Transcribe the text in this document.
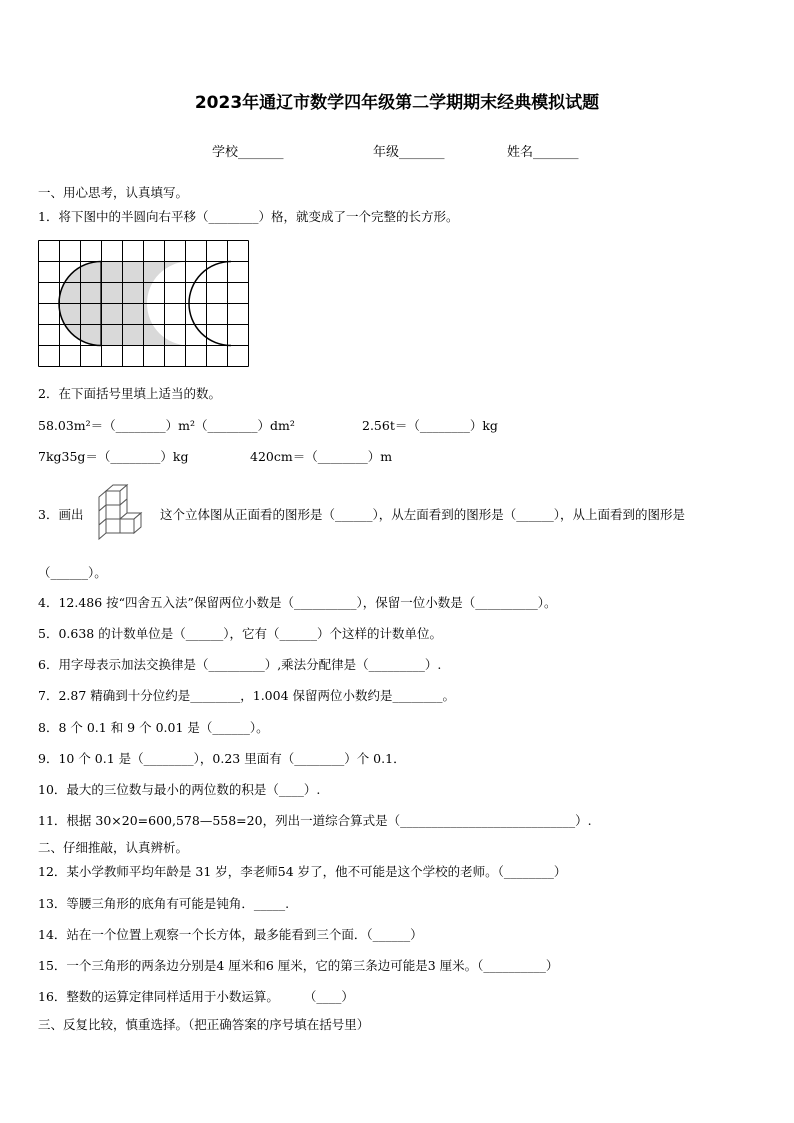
2023年通辽市数学四年级第二学期期末经典模拟试题
学校_______	年级_______	姓名_______
一、用心思考，认真填写。
1．将下图中的半圆向右平移（________）格，就变成了一个完整的长方形。
2．在下面括号里填上适当的数。
58.03m²＝（________）m²（________）dm²	2.56t＝（________）kg
7kg35g＝（________）kg	420cm＝（________）m
3．画出	这个立体图从正面看的图形是（______），从左面看到的图形是（______），从上面看到的图形是
（______）。
4．12.486 按“四舍五入法”保留两位小数是（__________），保留一位小数是（__________）。
5．0.638 的计数单位是（______），它有（______）个这样的计数单位。
6．用字母表示加法交换律是（_________）,乘法分配律是（_________）.
7．2.87 精确到十分位约是________，1.004 保留两位小数约是________。
8．8 个 0.1 和 9 个 0.01 是（______）。
9．10 个 0.1 是（________），0.23 里面有（________）个 0.1．
10．最大的三位数与最小的两位数的积是（____）.
11．根据 30×20=600,578—558=20，列出一道综合算式是（____________________________）.
二、仔细推敲，认真辨析。
12．某小学教师平均年龄是 31 岁，李老师54 岁了，他不可能是这个学校的老师。（________）
13．等腰三角形的底角有可能是钝角．_____.
14．站在一个位置上观察一个长方体，最多能看到三个面．（______）
15．一个三角形的两条边分别是4 厘米和6 厘米，它的第三条边可能是3 厘米。（__________）
16．整数的运算定律同样适用于小数运算。　　　（____）
三、反复比较，慎重选择。（把正确答案的序号填在括号里）
